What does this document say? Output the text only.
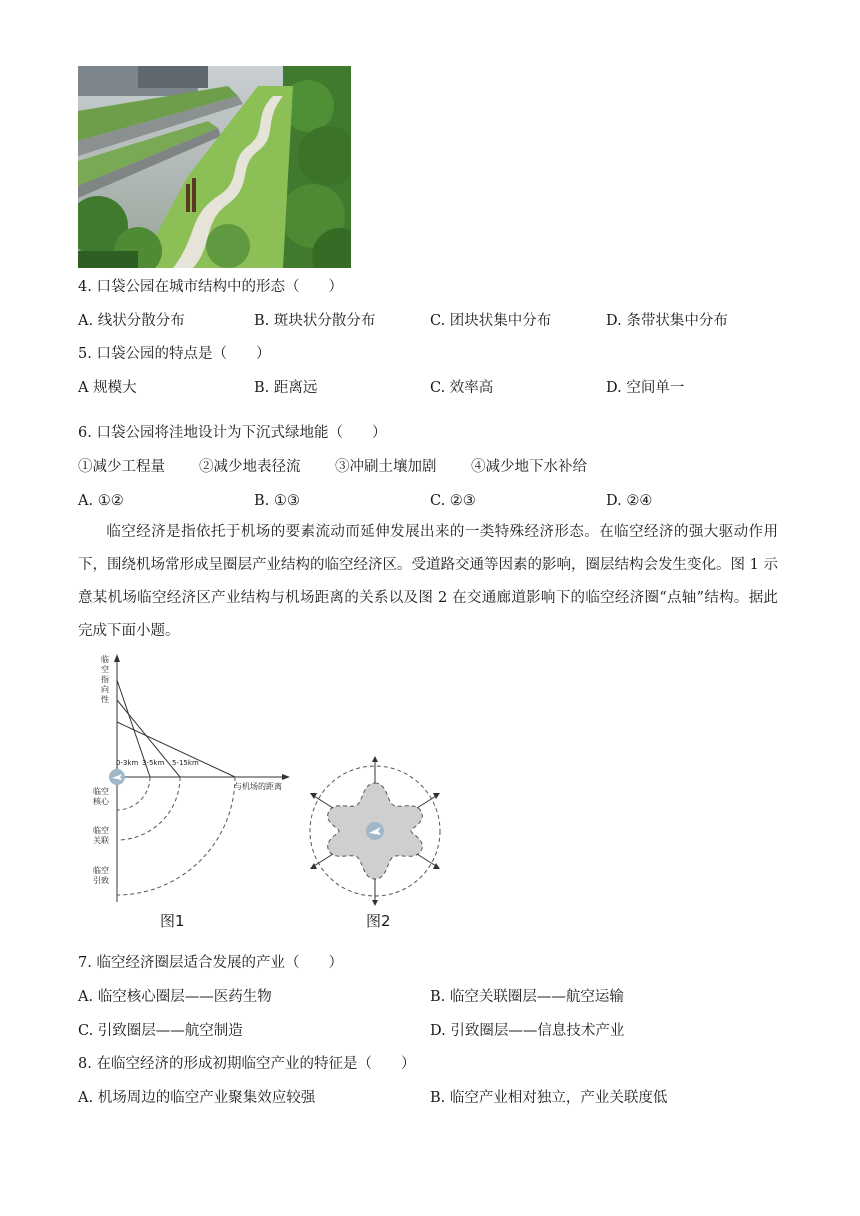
4. 口袋公园在城市结构中的形态（　　）
A. 线状分散分布	B. 斑块状分散分布	C. 团块状集中分布	D. 条带状集中分布
5. 口袋公园的特点是（　　）
A 规模大	B. 距离远	C. 效率高	D. 空间单一
6. 口袋公园将洼地设计为下沉式绿地能（　　）
①减少工程量 ②减少地表径流 ③冲刷土壤加剧 ④减少地下水补给
A. ①②	B. ①③	C. ②③	D. ②④
临空经济是指依托于机场的要素流动而延伸发展出来的一类特殊经济形态。在临空经济的强大驱动作用下，围绕机场常形成呈圈层产业结构的临空经济区。受道路交通等因素的影响，圈层结构会发生变化。图 1 示意某机场临空经济区产业结构与机场距离的关系以及图 2 在交通廊道影响下的临空经济圈“点轴”结构。据此完成下面小题。
临空指向性
与机场的距离
0-3km 3-5km 5-15km
临空核心
临空关联
临空引致
图1	图2
7. 临空经济圈层适合发展的产业（　　）
A. 临空核心圈层——医药生物	B. 临空关联圈层——航空运输
C. 引致圈层——航空制造	D. 引致圈层——信息技术产业
8. 在临空经济的形成初期临空产业的特征是（　　）
A. 机场周边的临空产业聚集效应较强	B. 临空产业相对独立，产业关联度低
